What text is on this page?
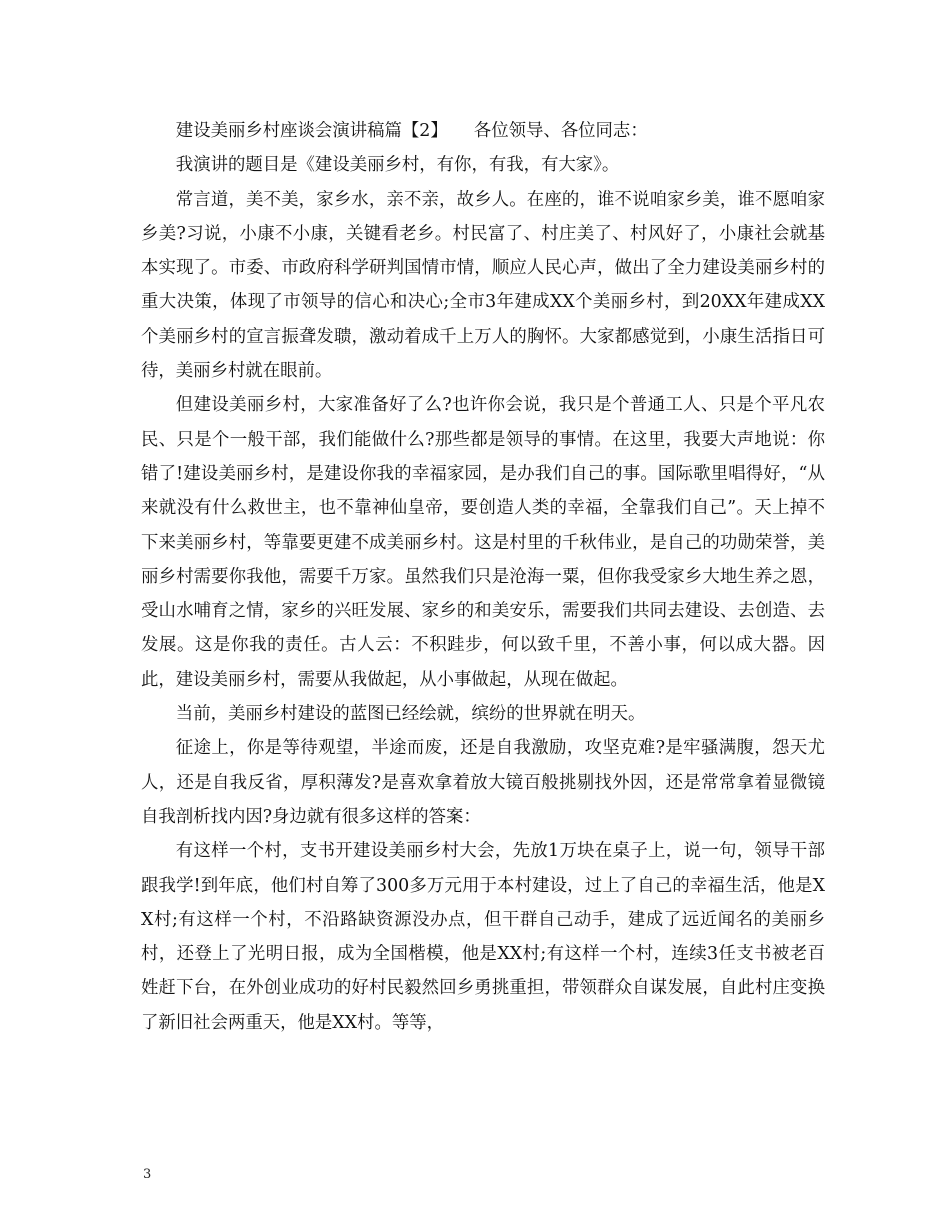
建设美丽乡村座谈会演讲稿篇【2】　　各位领导、各位同志：

我演讲的题目是《建设美丽乡村，有你，有我，有大家》。

常言道，美不美，家乡水，亲不亲，故乡人。在座的，谁不说咱家乡美，谁不愿咱家乡美?习说，小康不小康，关键看老乡。村民富了、村庄美了、村风好了，小康社会就基本实现了。市委、市政府科学研判国情市情，顺应人民心声，做出了全力建设美丽乡村的重大决策，体现了市领导的信心和决心;全市3年建成XX个美丽乡村，到20XX年建成XX个美丽乡村的宣言振聋发聩，激动着成千上万人的胸怀。大家都感觉到，小康生活指日可待，美丽乡村就在眼前。

但建设美丽乡村，大家准备好了么?也许你会说，我只是个普通工人、只是个平凡农民、只是个一般干部，我们能做什么?那些都是领导的事情。在这里，我要大声地说：你错了!建设美丽乡村，是建设你我的幸福家园，是办我们自己的事。国际歌里唱得好，“从来就没有什么救世主，也不靠神仙皇帝，要创造人类的幸福，全靠我们自己”。天上掉不下来美丽乡村，等靠要更建不成美丽乡村。这是村里的千秋伟业，是自己的功勋荣誉，美丽乡村需要你我他，需要千万家。虽然我们只是沧海一粟，但你我受家乡大地生养之恩，受山水哺育之情，家乡的兴旺发展、家乡的和美安乐，需要我们共同去建设、去创造、去发展。这是你我的责任。古人云：不积跬步，何以致千里，不善小事，何以成大器。因此，建设美丽乡村，需要从我做起，从小事做起，从现在做起。

当前，美丽乡村建设的蓝图已经绘就，缤纷的世界就在明天。

征途上，你是等待观望，半途而废，还是自我激励，攻坚克难?是牢骚满腹，怨天尤人，还是自我反省，厚积薄发?是喜欢拿着放大镜百般挑剔找外因，还是常常拿着显微镜自我剖析找内因?身边就有很多这样的答案：

有这样一个村，支书开建设美丽乡村大会，先放1万块在桌子上，说一句，领导干部跟我学!到年底，他们村自筹了300多万元用于本村建设，过上了自己的幸福生活，他是XX村;有这样一个村，不沿路缺资源没办点，但干群自己动手，建成了远近闻名的美丽乡村，还登上了光明日报，成为全国楷模，他是XX村;有这样一个村，连续3任支书被老百姓赶下台，在外创业成功的好村民毅然回乡勇挑重担，带领群众自谋发展，自此村庄变换了新旧社会两重天，他是XX村。等等，

3
